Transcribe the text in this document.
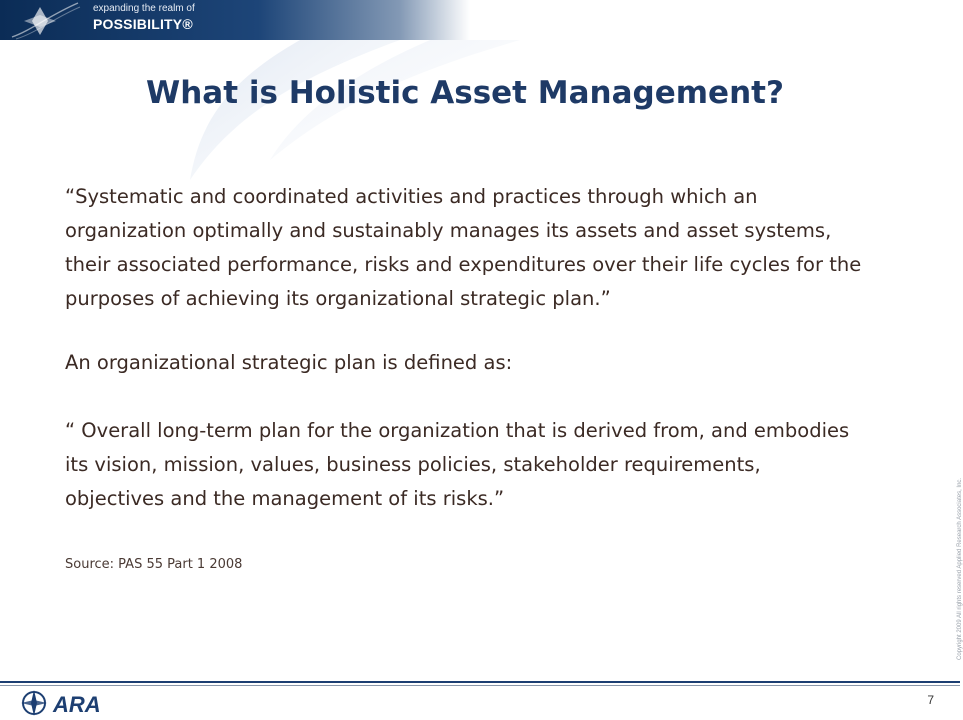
expanding the realm of
POSSIBILITY®
What is Holistic Asset Management?

“Systematic and coordinated activities and practices through which an organization optimally and sustainably manages its assets and asset systems, their associated performance, risks and expenditures over their life cycles for the purposes of achieving its organizational strategic plan.”

An organizational strategic plan is defined as:

“ Overall long-term plan for the organization that is derived from, and embodies its vision, mission, values, business policies, stakeholder requirements, objectives and the management of its risks.”

Source: PAS 55 Part 1 2008	Copyright 2009 All rights reserved Applied Research Associates, Inc.
ARA	7
